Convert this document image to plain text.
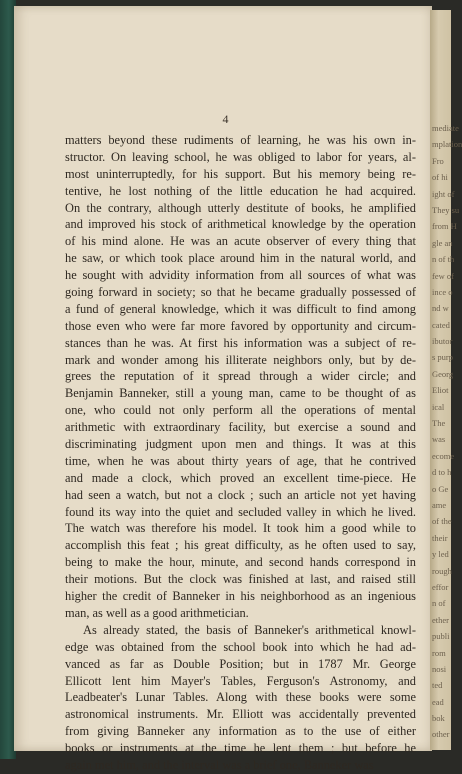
mediate
mplation
Fro
of hi
ight of
They su
from H
gle an
n of th
few of
ince o
nd w
cated
ibutor
s purp
Georg
Eliot
ical
The
was
ecome
d to h
o Ge
ame
of the
their
y led
rough
effor
n of
ether
publi
rom
nosi
ted
ead
bok
other
4
matters beyond these rudiments of learning, he was his own in-
structor. On leaving school, he was obliged to labor for years, al-
most uninterruptedly, for his support. But his memory being re-
tentive, he lost nothing of the little education he had acquired.
On the contrary, although utterly destitute of books, he amplified
and improved his stock of arithmetical knowledge by the operation
of his mind alone. He was an acute observer of every thing that
he saw, or which took place around him in the natural world, and
he sought with advidity information from all sources of what was
going forward in society; so that he became gradually possessed of
a fund of general knowledge, which it was difficult to find among
those even who were far more favored by opportunity and circum-
stances than he was. At first his information was a subject of re-
mark and wonder among his illiterate neighbors only, but by de-
grees the reputation of it spread through a wider circle; and
Benjamin Banneker, still a young man, came to be thought of as
one, who could not only perform all the operations of mental
arithmetic with extraordinary facility, but exercise a sound and
discriminating judgment upon men and things. It was at this
time, when he was about thirty years of age, that he contrived
and made a clock, which proved an excellent time-piece. He
had seen a watch, but not a clock ; such an article not yet having
found its way into the quiet and secluded valley in which he lived.
The watch was therefore his model. It took him a good while to
accomplish this feat ; his great difficulty, as he often used to say,
being to make the hour, minute, and second hands correspond in
their motions. But the clock was finished at last, and raised still
higher the credit of Banneker in his neighborhood as an ingenious
man, as well as a good arithmetician.
As already stated, the basis of Banneker's arithmetical knowl-
edge was obtained from the school book into which he had ad-
vanced as far as Double Position; but in 1787 Mr. George
Ellicott lent him Mayer's Tables, Ferguson's Astronomy, and
Leadbeater's Lunar Tables. Along with these books were some
astronomical instruments. Mr. Elliott was accidentally prevented
from giving Banneker any information as to the use of either
books or instruments at the time he lent them ; but before he
again met him, and the interval was a brief one, Banneker was
